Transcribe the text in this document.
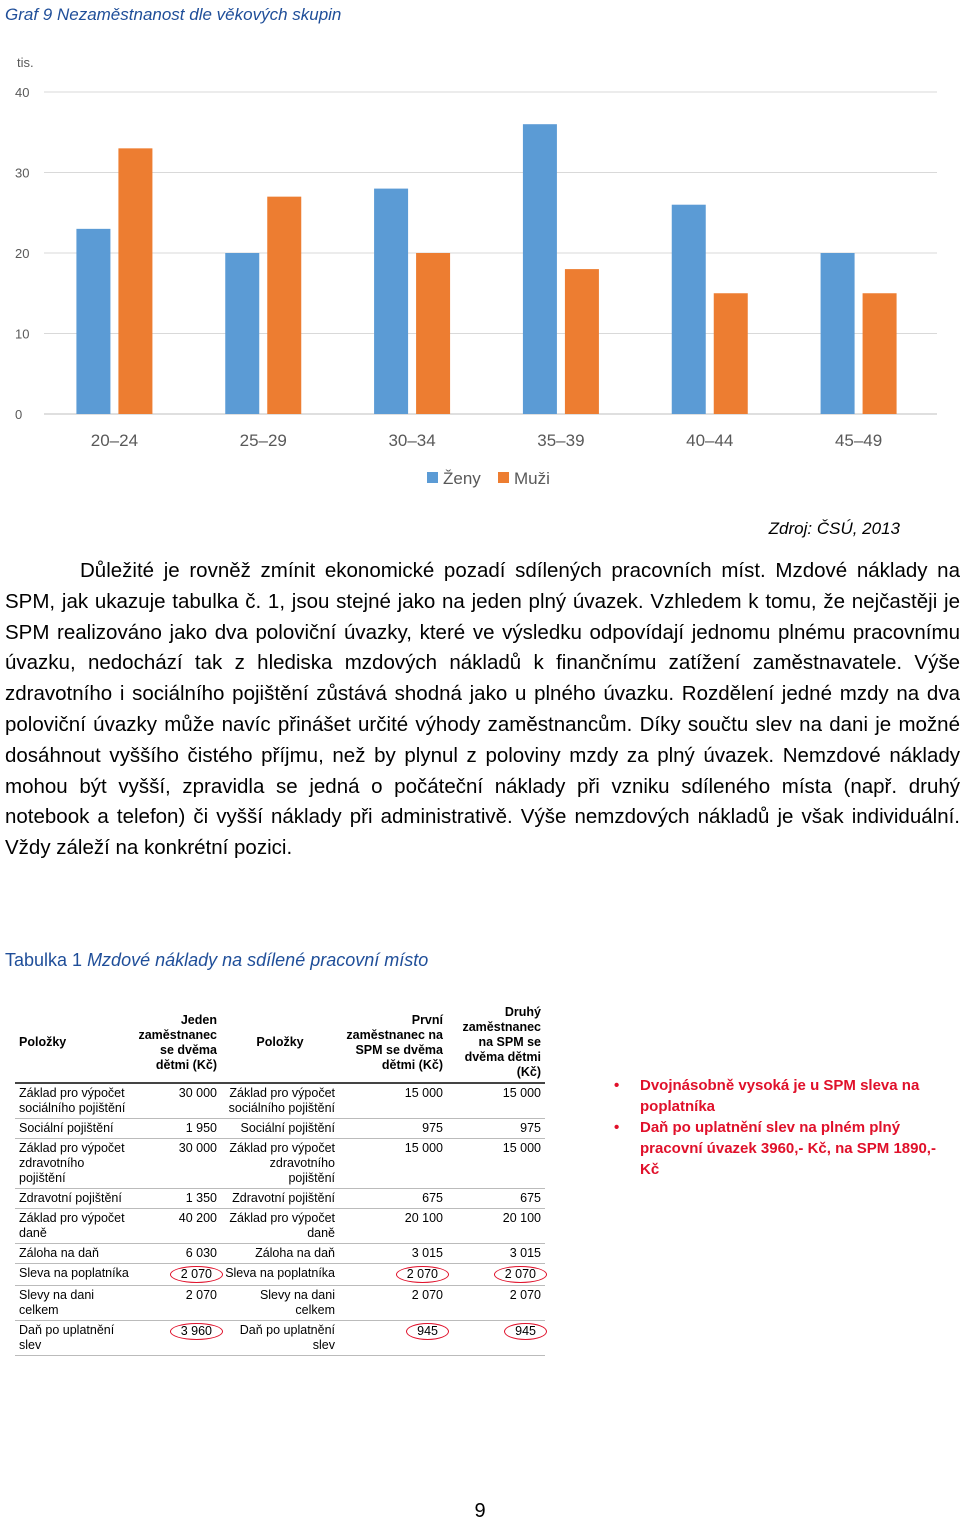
Graf 9 Nezaměstnanost dle věkových skupin
tis.
0
10
20
30
40
20–24	25–29	30–34	35–39	40–44	45–49
Ženy Muži
Zdroj: ČSÚ, 2013

Důležité je rovněž zmínit ekonomické pozadí sdílených pracovních míst. Mzdové náklady na SPM, jak ukazuje tabulka č. 1, jsou stejné jako na jeden plný úvazek. Vzhledem k tomu, že nejčastěji je SPM realizováno jako dva poloviční úvazky, které ve výsledku odpovídají jednomu plnému pracovnímu úvazku, nedochází tak z hlediska mzdových nákladů k finančnímu zatížení zaměstnavatele. Výše zdravotního i sociálního pojištění zůstává shodná jako u plného úvazku. Rozdělení jedné mzdy na dva poloviční úvazky může navíc přinášet určité výhody zaměstnancům. Díky součtu slev na dani je možné dosáhnout vyššího čistého příjmu, než by plynul z poloviny mzdy za plný úvazek. Nemzdové náklady mohou být vyšší, zpravidla se jedná o počáteční náklady při vzniku sdíleného místa (např. druhý notebook a telefon) či vyšší náklady při administrativě. Výše nemzdových nákladů je však individuální. Vždy záleží na konkrétní pozici.

Tabulka 1 Mzdové náklady na sdílené pracovní místo
Položky	Jeden zaměstnanec se dvěma dětmi (Kč)	Položky	První zaměstnanec na SPM se dvěma dětmi (Kč)	Druhý zaměstnanec na SPM se dvěma dětmi (Kč)
Základ pro výpočet sociálního pojištění	30 000	Základ pro výpočet sociálního pojištění	15 000	15 000
Sociální pojištění	1 950	Sociální pojištění	975	975
Základ pro výpočet zdravotního pojištění	30 000	Základ pro výpočet zdravotního pojištění	15 000	15 000
Zdravotní pojištění	1 350	Zdravotní pojištění	675	675
Základ pro výpočet daně	40 200	Základ pro výpočet daně	20 100	20 100
Záloha na daň	6 030	Záloha na daň	3 015	3 015
Sleva na poplatníka	2 070	Sleva na poplatníka	2 070	2 070
Slevy na dani celkem	2 070	Slevy na dani celkem	2 070	2 070
Daň po uplatnění slev	3 960	Daň po uplatnění slev	945	945
• Dvojnásobně vysoká je u SPM sleva na poplatníka
• Daň po uplatnění slev na plném plný pracovní úvazek 3960,- Kč, na SPM 1890,- Kč
9
